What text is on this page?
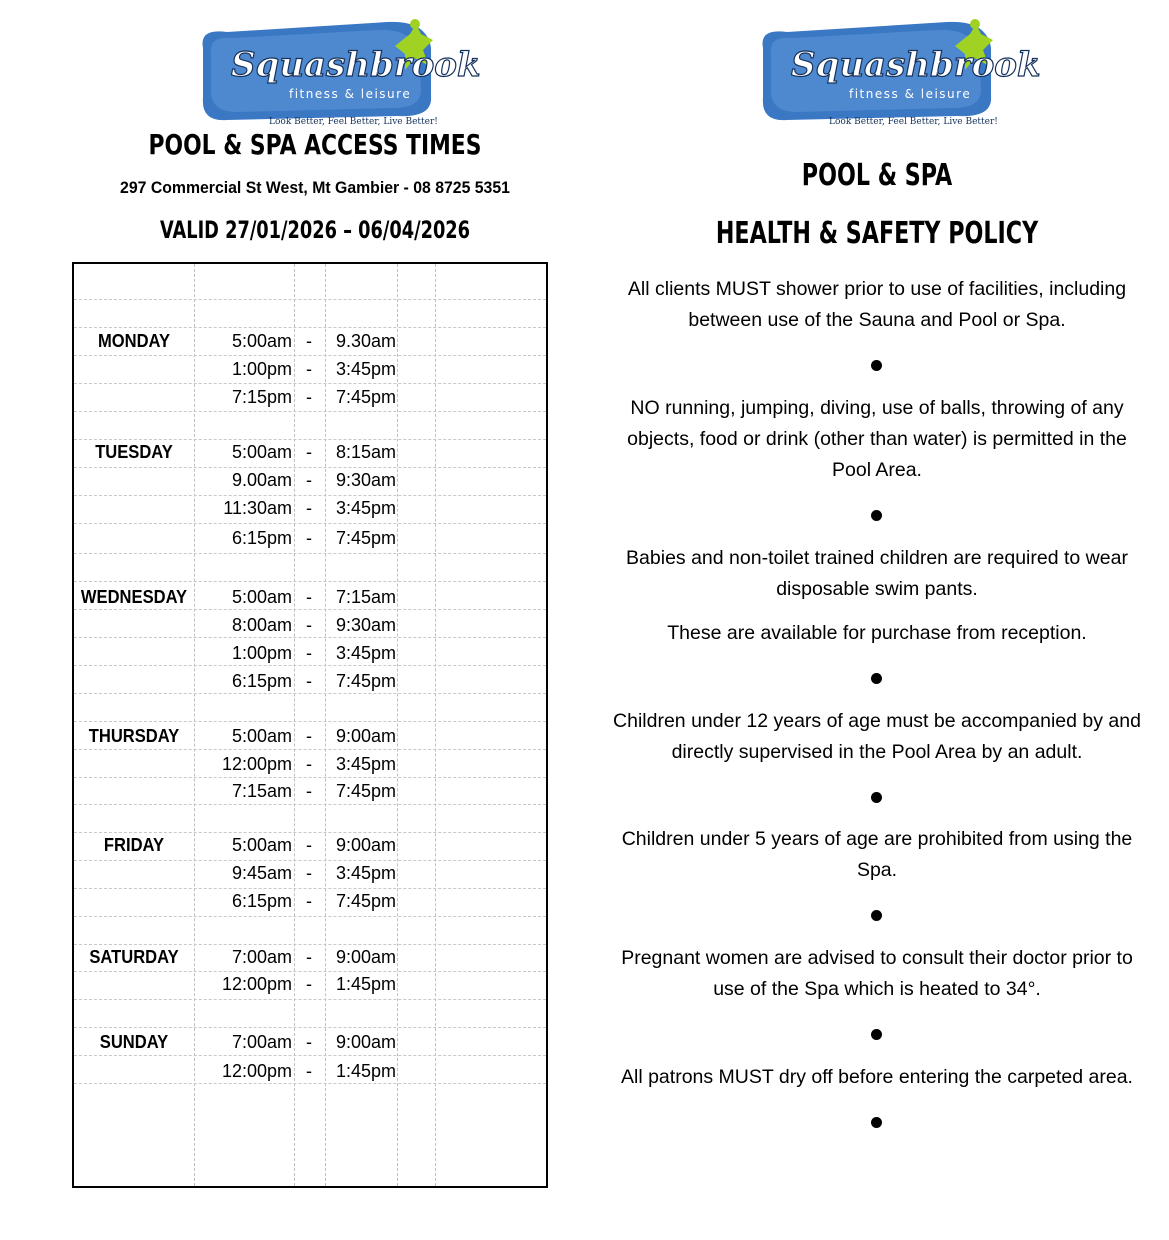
Squashbrook
fitness & leisure
Look Better, Feel Better, Live Better!
Squashbrook
fitness & leisure
Look Better, Feel Better, Live Better!
POOL & SPA ACCESS TIMES
297 Commercial St West, Mt Gambier - 08 8725 5351
VALID 27/01/2026 – 06/04/2026
MONDAY	5:00am - 9.30am
1:00pm - 3:45pm
7:15pm - 7:45pm
TUESDAY	5:00am - 8:15am
9.00am - 9:30am
11:30am - 3:45pm
6:15pm - 7:45pm
WEDNESDAY 5:00am - 7:15am
8:00am - 9:30am
1:00pm - 3:45pm
6:15pm - 7:45pm
THURSDAY	5:00am - 9:00am
12:00pm - 3:45pm
7:15am - 7:45pm
FRIDAY	5:00am - 9:00am
9:45am - 3:45pm
6:15pm - 7:45pm
SATURDAY	7:00am - 9:00am
12:00pm - 1:45pm
SUNDAY	7:00am - 9:00am
12:00pm - 1:45pm
POOL & SPA
HEALTH & SAFETY POLICY
All clients MUST shower prior to use of facilities, including between use of the Sauna and Pool or Spa.
NO running, jumping, diving, use of balls, throwing of any objects, food or drink (other than water) is permitted in the Pool Area.
Babies and non-toilet trained children are required to wear disposable swim pants.
These are available for purchase from reception.
Children under 12 years of age must be accompanied by and directly supervised in the Pool Area by an adult.
Children under 5 years of age are prohibited from using the Spa.
Pregnant women are advised to consult their doctor prior to use of the Spa which is heated to 34°.
All patrons MUST dry off before entering the carpeted area.
